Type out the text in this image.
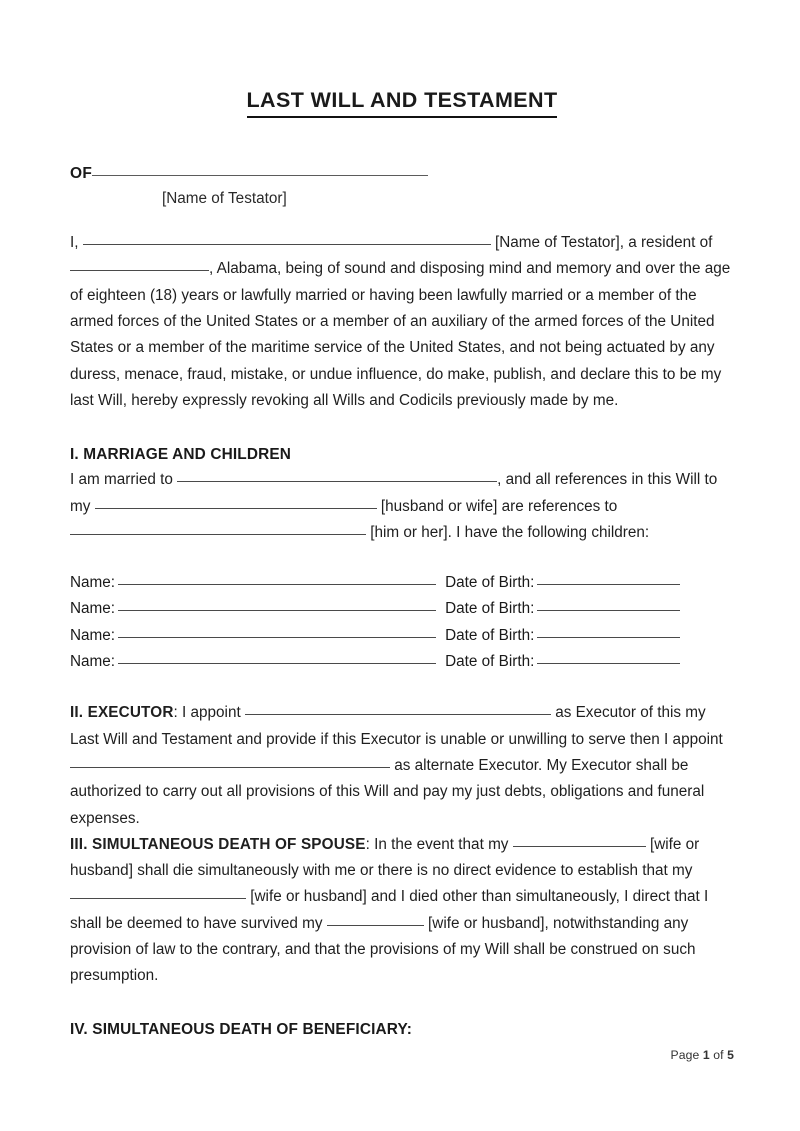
LAST WILL AND TESTAMENT
OF
[Name of Testator]

I,	[Name of Testator], a resident of , Alabama, being of sound and disposing mind and memory and over the age of eighteen (18) years or lawfully married or having been lawfully married or a member of the armed forces of the United States or a member of an auxiliary of the armed forces of the United States or a member of the maritime service of the United States, and not being actuated by any duress, menace, fraud, mistake, or undue influence, do make, publish, and declare this to be my last Will, hereby expressly revoking all Wills and Codicils previously made by me.

I. MARRIAGE AND CHILDREN

I am married to	, and all references in this Will to my	[husband or wife] are references to  [him or her]. I have the following children:

Name:	Date of Birth:
Name:	Date of Birth:
Name:	Date of Birth:
Name:	Date of Birth:

II. EXECUTOR: I appoint	as Executor of this my Last Will and Testament and provide if this Executor is unable or unwilling to serve then I appoint  as alternate Executor. My Executor shall be authorized to carry out all provisions of this Will and pay my just debts, obligations and funeral expenses.

III. SIMULTANEOUS DEATH OF SPOUSE: In the event that my	[wife or husband] shall die simultaneously with me or there is no direct evidence to establish that my  [wife or husband] and I died other than simultaneously, I direct that I shall be deemed to have survived my	[wife or husband], notwithstanding any provision of law to the contrary, and that the provisions of my Will shall be construed on such presumption.

IV. SIMULTANEOUS DEATH OF BENEFICIARY:
Page 1 of 5
